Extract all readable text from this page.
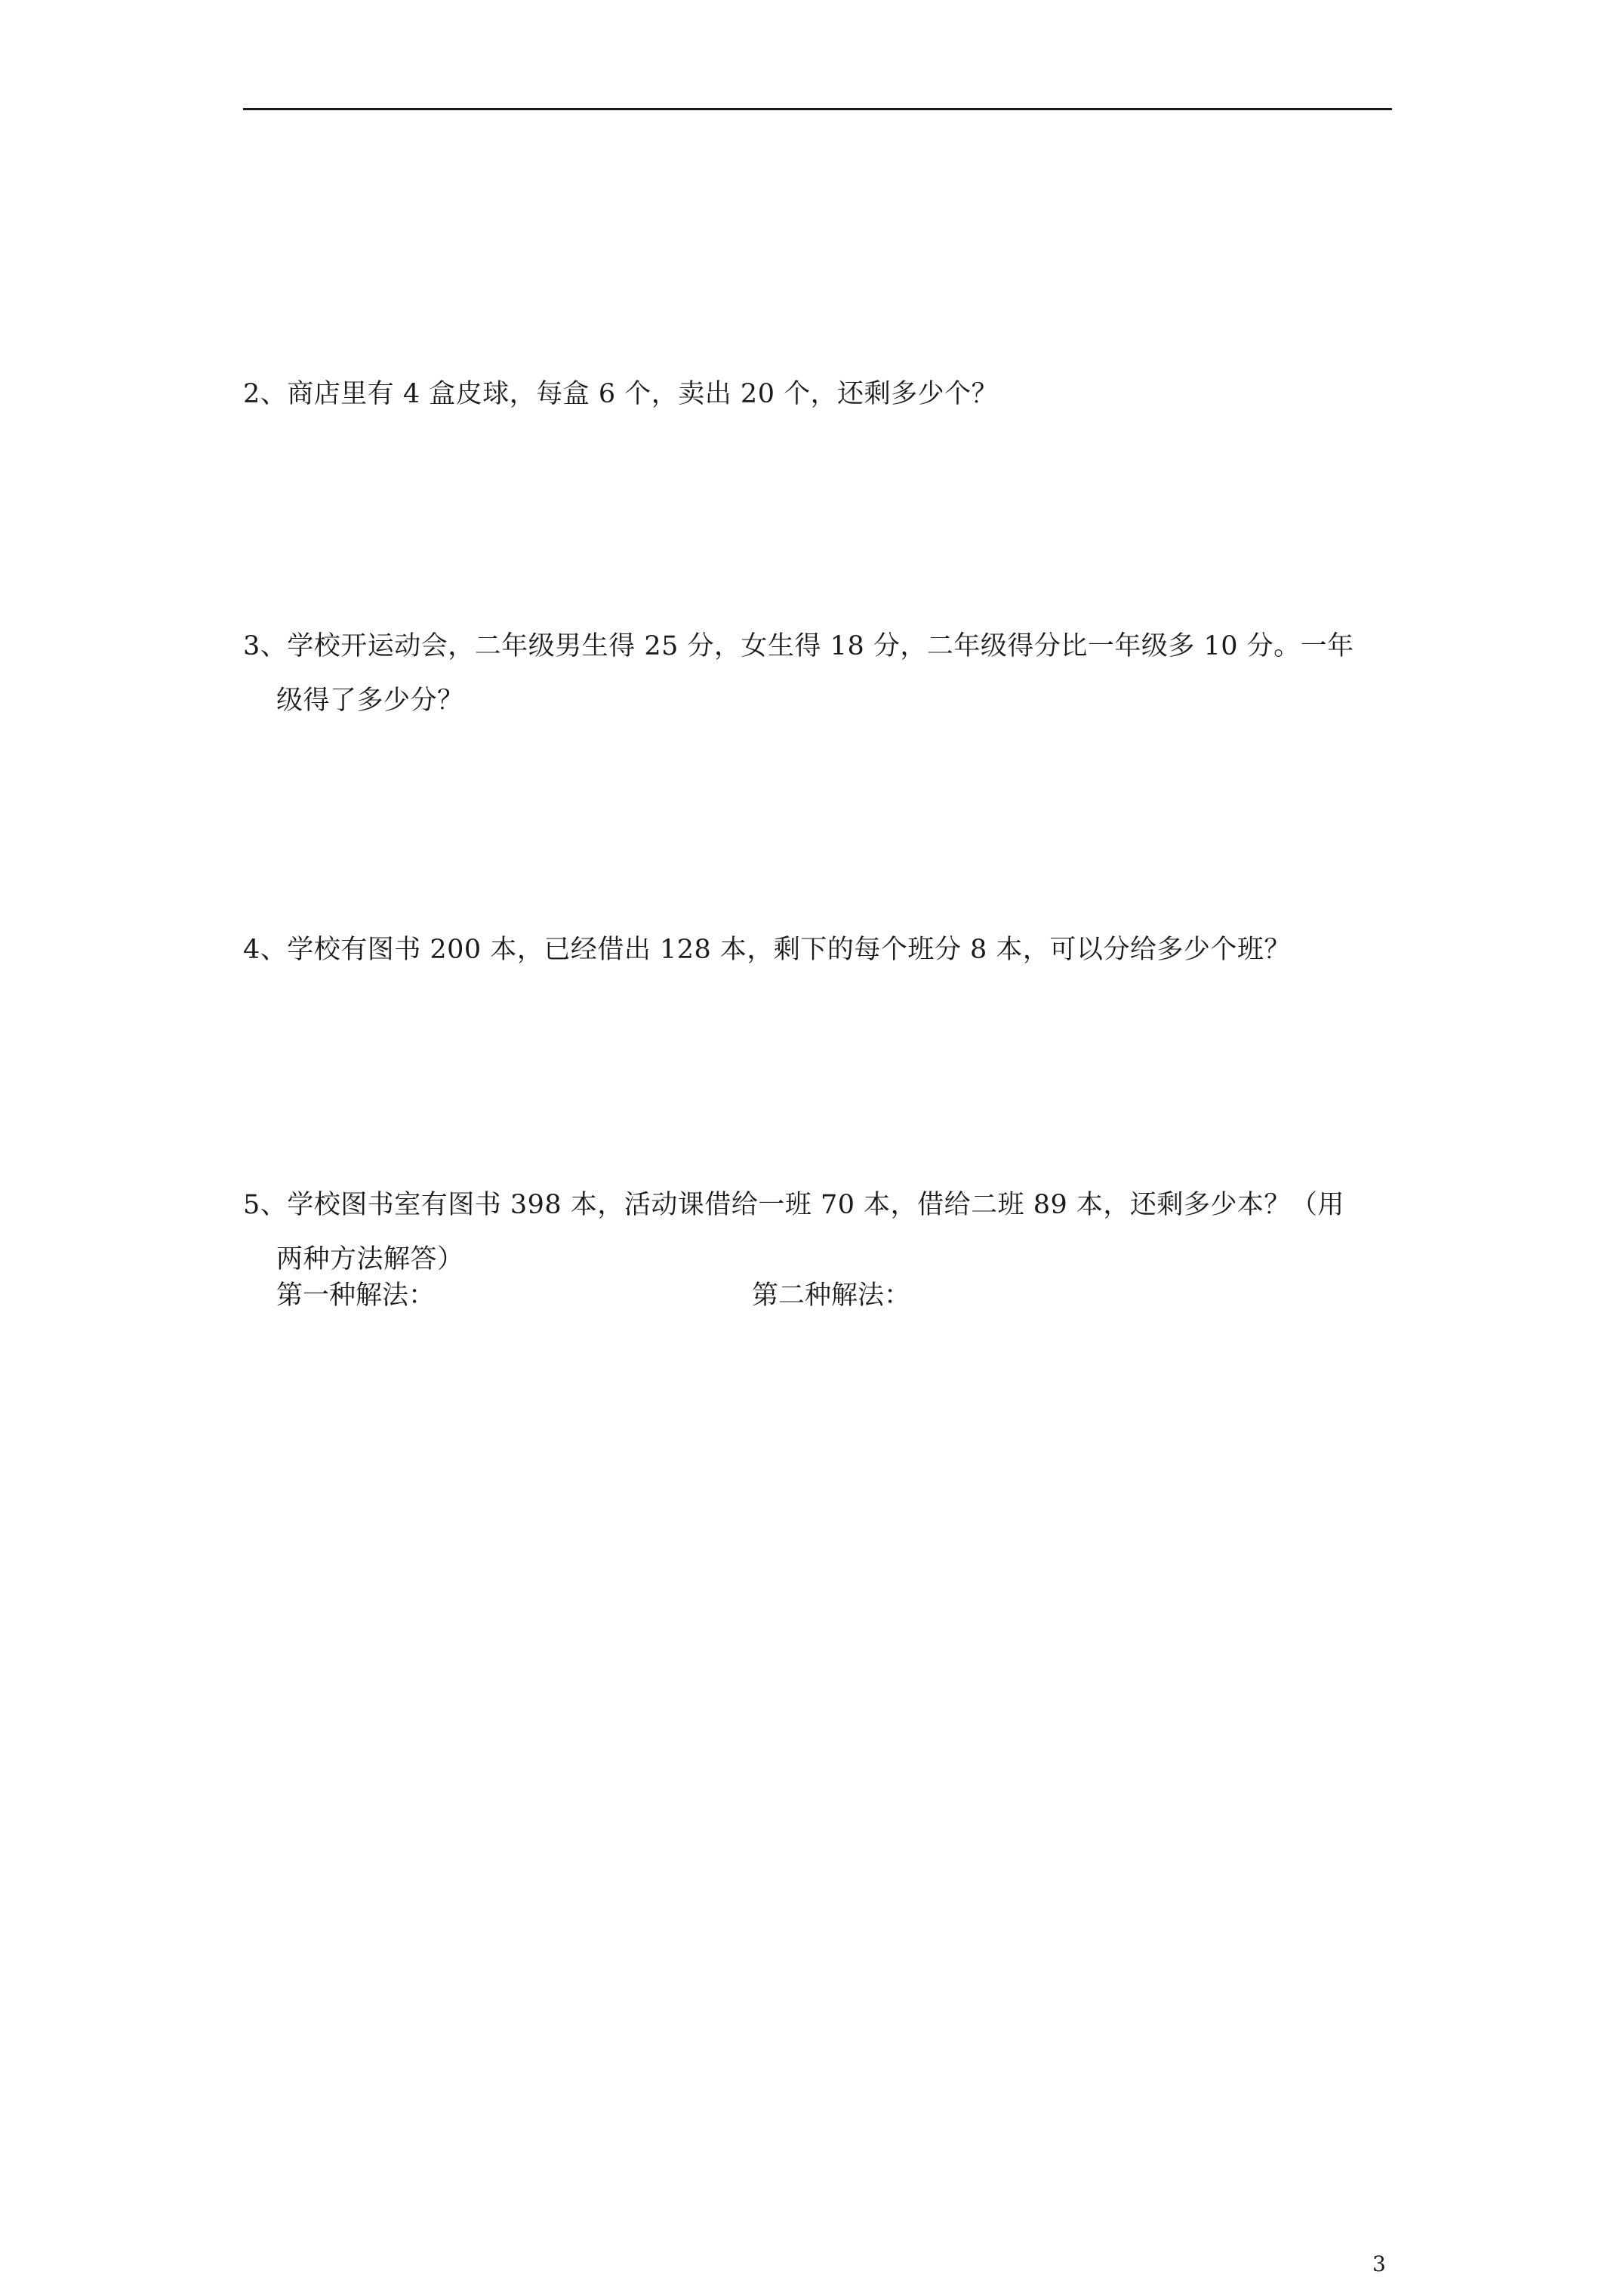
2、商店里有 4 盒皮球，每盒 6 个，卖出 20 个，还剩多少个？
3、学校开运动会，二年级男生得 25 分，女生得 18 分，二年级得分比一年级多 10 分。一年
级得了多少分？
4、学校有图书 200 本，已经借出 128 本，剩下的每个班分 8 本，可以分给多少个班？
5、学校图书室有图书 398 本，活动课借给一班 70 本，借给二班 89 本，还剩多少本？（用
两种方法解答）
第一种解法：	第二种解法：
3
